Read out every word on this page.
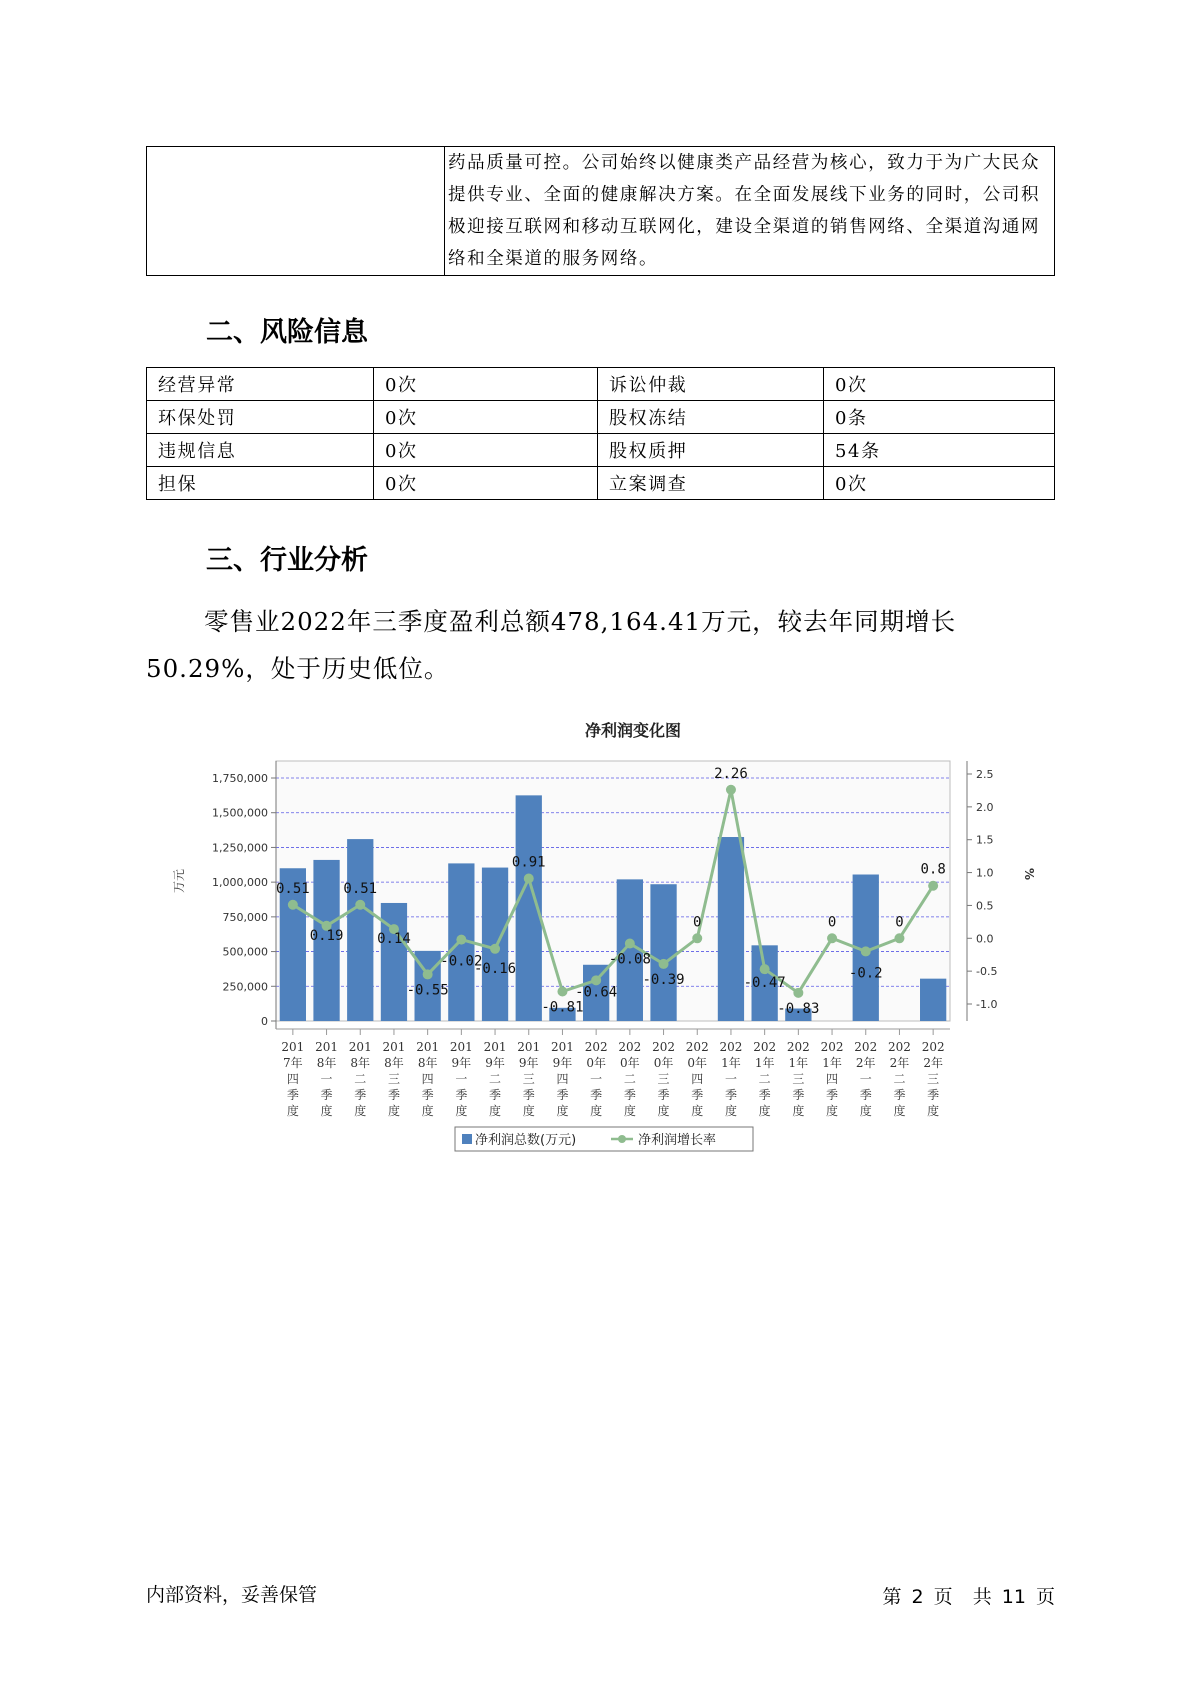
	药品质量可控。公司始终以健康类产品经营为核心，致力于为广大民众提供专业、全面的健康解决方案。在全面发展线下业务的同时，公司积极迎接互联网和移动互联网化，建设全渠道的销售网络、全渠道沟通网络和全渠道的服务网络。
二、风险信息
经营异常	0次	诉讼仲裁	0次
环保处罚	0次	股权冻结	0条
违规信息	0次	股权质押	54条
担保	0次	立案调查	0次
三、行业分析
零售业2022年三季度盈利总额478,164.41万元，较去年同期增长50.29%，处于历史低位。
净利润变化图
0
250,000
500,000
750,000
1,000,000
1,250,000
1,500,000
1,750,000
万元
-1.0
-0.5
0.0
0.5
1.0
1.5
2.0
2.5
%
201
7年
四
季
度
201
8年
一
季
度
201
8年
二
季
度
201
8年
三
季
度
201
8年
四
季
度
201
9年
一
季
度
201
9年
二
季
度
201
9年
三
季
度
201
9年
四
季
度
202
0年
一
季
度
202
0年
二
季
度
202
0年
三
季
度
202
0年
四
季
度
202
1年
一
季
度
202
1年
二
季
度
202
1年
三
季
度
202
1年
四
季
度
202
2年
一
季
度
202
2年
二
季
度
202
2年
三
季
度
0.51
0.19
0.51
0.14
-0.55
-0.02
-0.16
0.91
-0.81
-0.64
-0.08
-0.39
0
2.26
-0.47
-0.83
0
-0.2
0
0.8
净利润总数(万元)	净利润增长率
内部资料，妥善保管	第 2 页 共 11 页
